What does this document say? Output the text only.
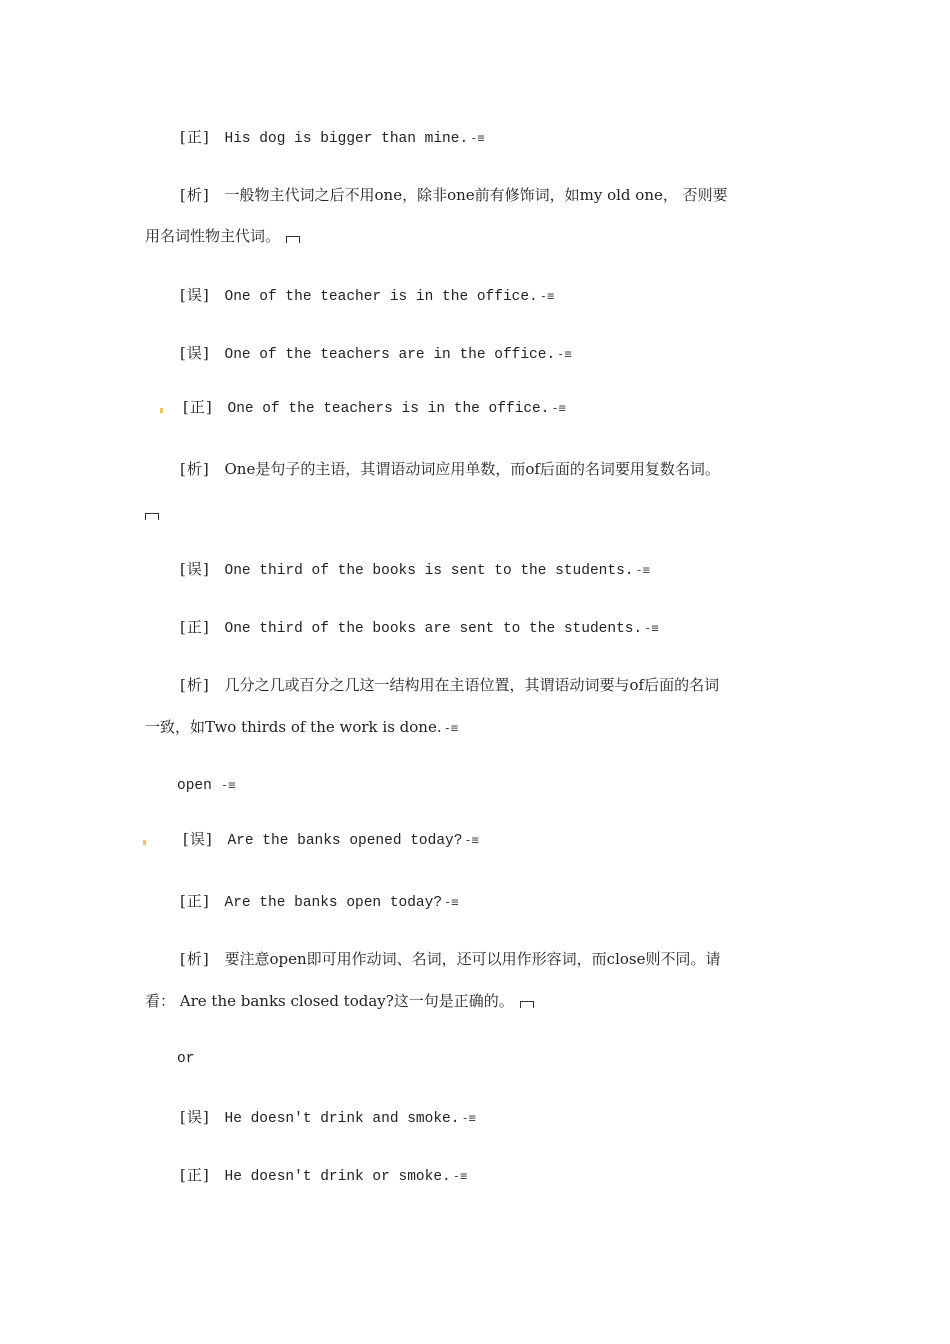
[正] His dog is bigger than mine. -≡
[析] 一般物主代词之后不用one，除非one前有修饰词，如my old one， 否则要
用名词性物主代词。
[误] One of the teacher is in the office. -≡
[误] One of the teachers are in the office. -≡
[正] One of the teachers is in the office. -≡
[析] One是句子的主语，其谓语动词应用单数，而of后面的名词要用复数名词。
[误] One third of the books is sent to the students. -≡
[正] One third of the books are sent to the students. -≡
[析] 几分之几或百分之几这一结构用在主语位置，其谓语动词要与of后面的名词
一致，如Two thirds of the work is done. -≡
open -≡
[误] Are the banks opened today? -≡
[正] Are the banks open today? -≡
[析] 要注意open即可用作动词、名词，还可以用作形容词，而close则不同。请
看： Are the banks closed today?这一句是正确的。
or
[误] He doesn't drink and smoke. -≡
[正] He doesn't drink or smoke. -≡
